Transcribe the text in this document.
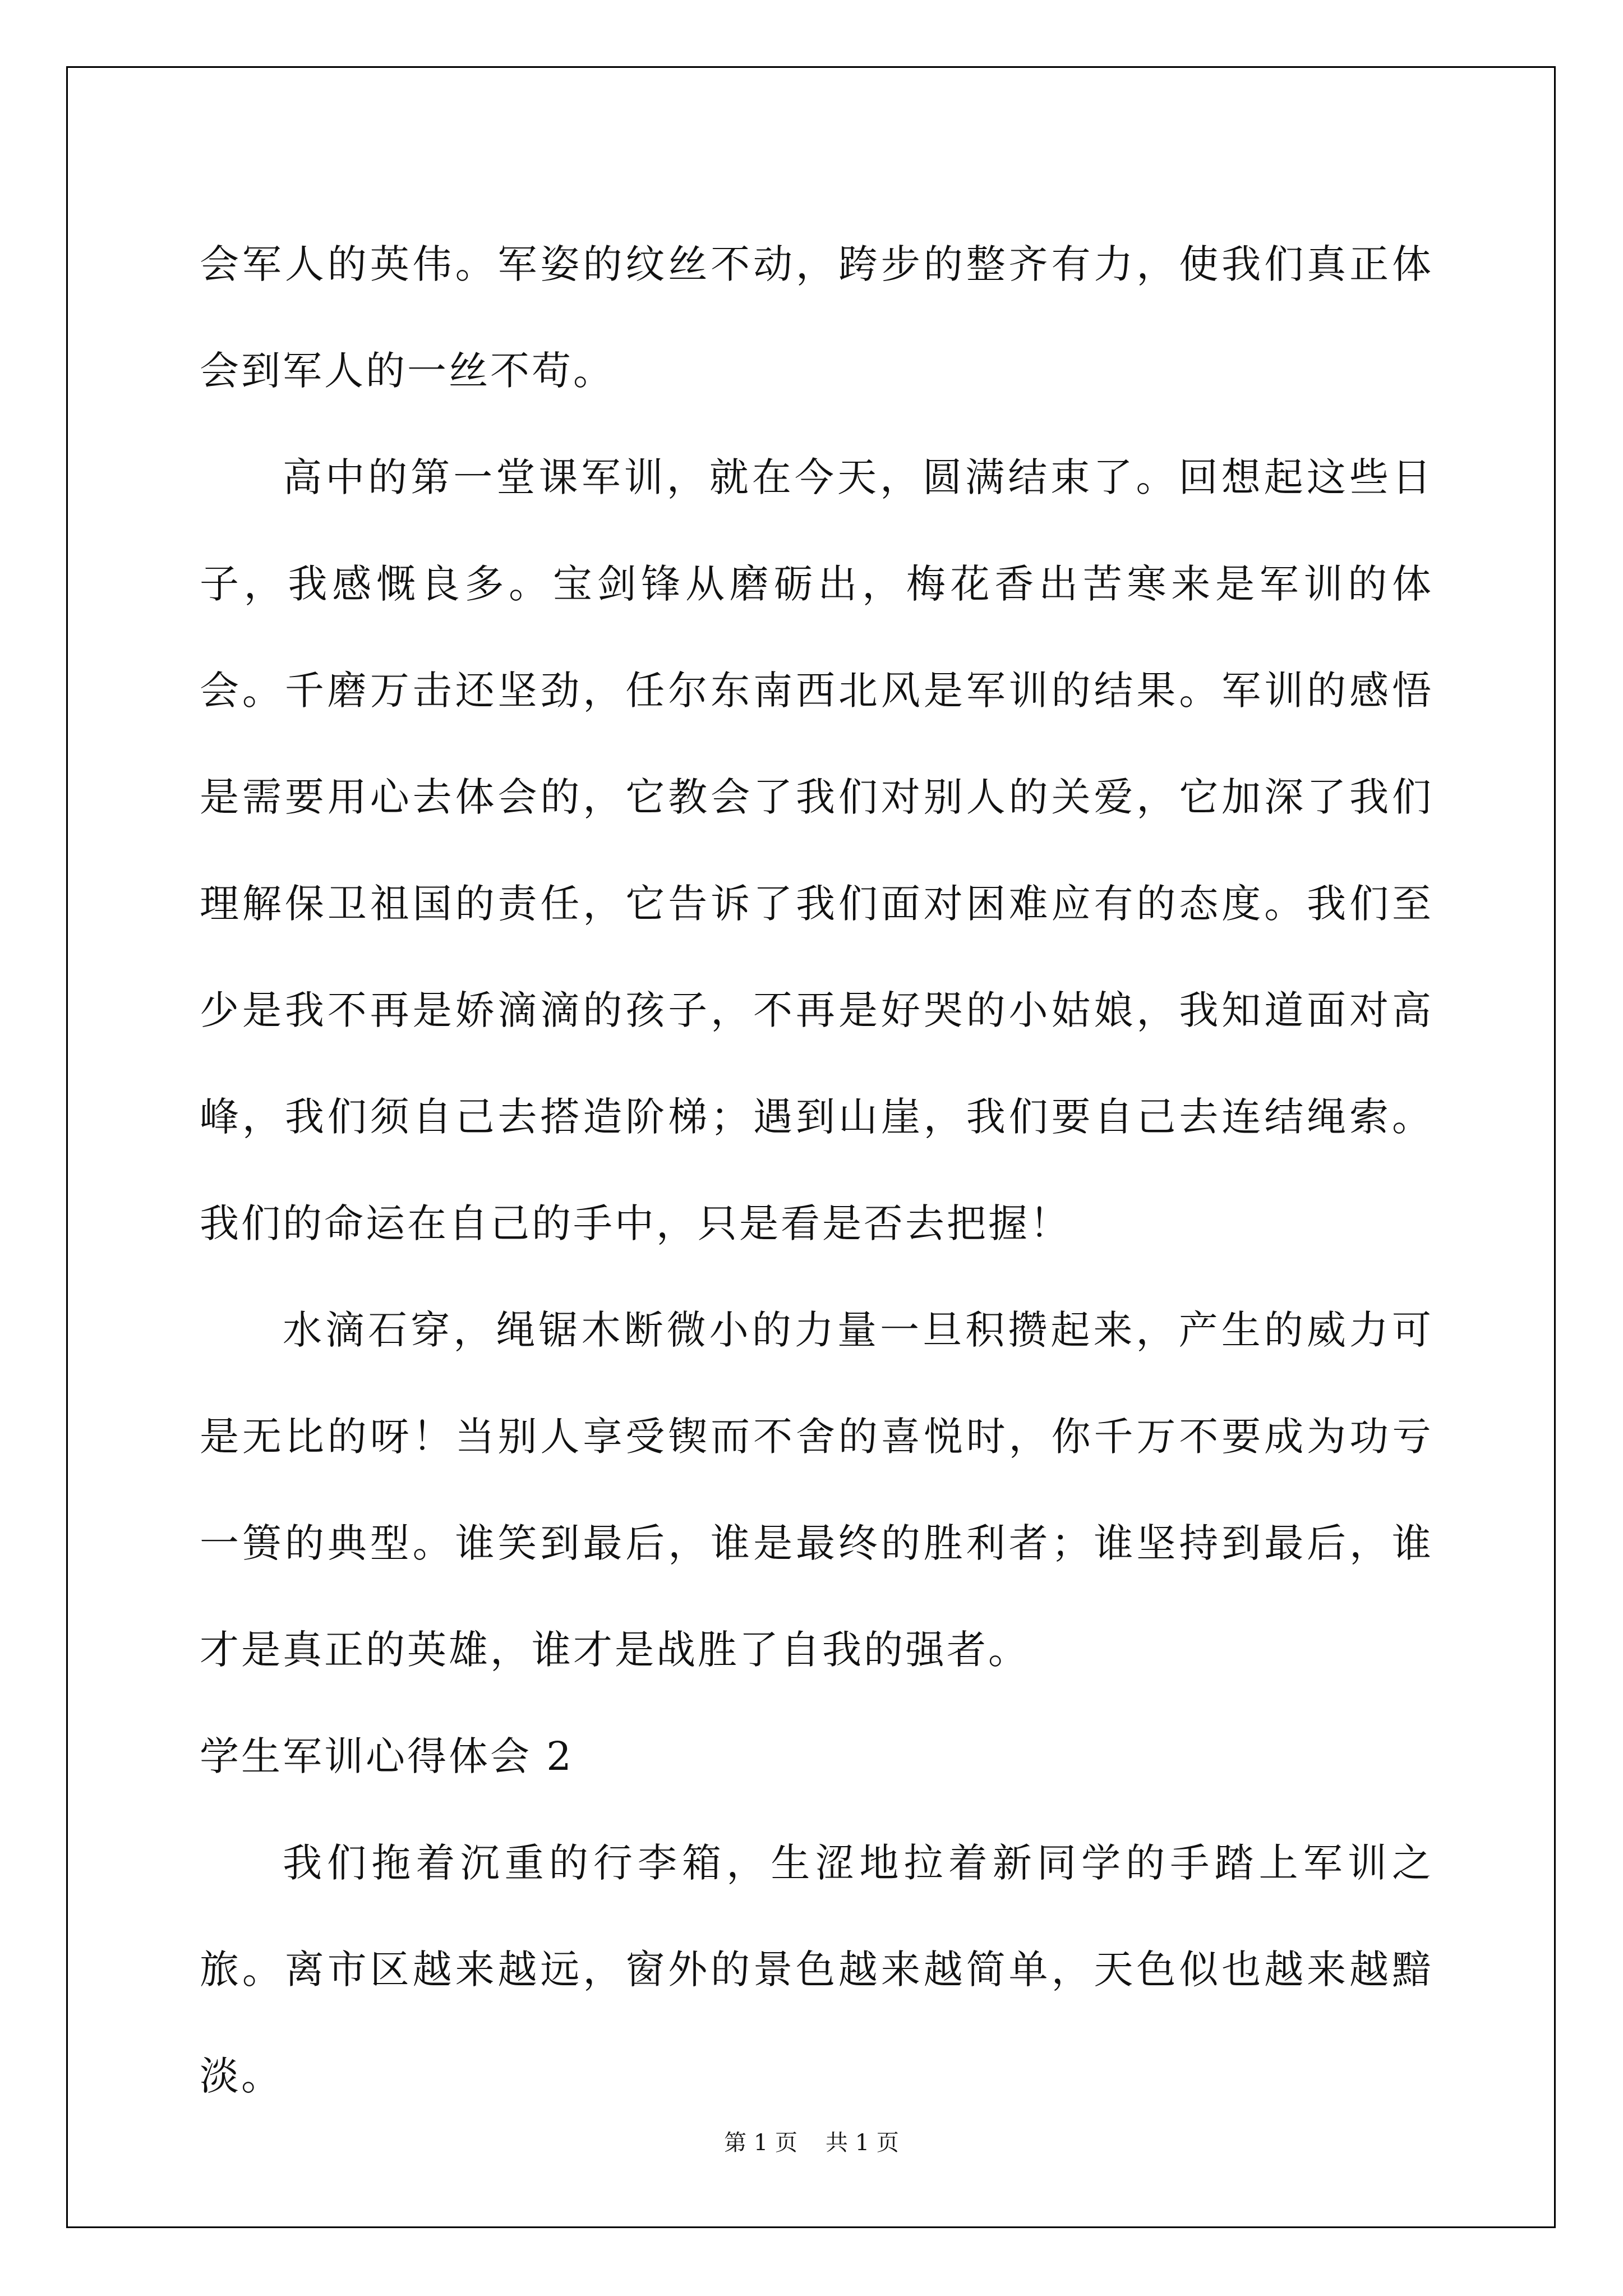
会军人的英伟。军姿的纹丝不动，跨步的整齐有力，使我们真正体会到军人的一丝不苟。

高中的第一堂课军训，就在今天，圆满结束了。回想起这些日子，我感慨良多。宝剑锋从磨砺出，梅花香出苦寒来是军训的体会。千磨万击还坚劲，任尔东南西北风是军训的结果。军训的感悟是需要用心去体会的，它教会了我们对别人的关爱，它加深了我们理解保卫祖国的责任，它告诉了我们面对困难应有的态度。我们至少是我不再是娇滴滴的孩子，不再是好哭的小姑娘，我知道面对高峰，我们须自己去搭造阶梯；遇到山崖，我们要自己去连结绳索。我们的命运在自己的手中，只是看是否去把握！

水滴石穿，绳锯木断微小的力量一旦积攒起来，产生的威力可是无比的呀！当别人享受锲而不舍的喜悦时，你千万不要成为功亏一篑的典型。谁笑到最后，谁是最终的胜利者；谁坚持到最后，谁才是真正的英雄，谁才是战胜了自我的强者。

学生军训心得体会 2

我们拖着沉重的行李箱，生涩地拉着新同学的手踏上军训之旅。离市区越来越远，窗外的景色越来越简单，天色似也越来越黯淡。

第 1 页 共 1 页
